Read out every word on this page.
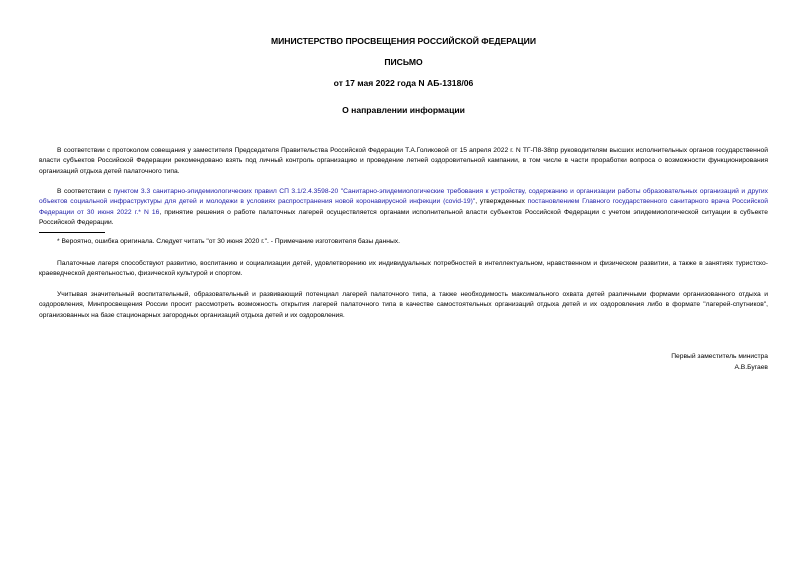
МИНИСТЕРСТВО ПРОСВЕЩЕНИЯ РОССИЙСКОЙ ФЕДЕРАЦИИ
ПИСЬМО
от 17 мая 2022 года N АБ-1318/06
О направлении информации
В соответствии с протоколом совещания у заместителя Председателя Правительства Российской Федерации Т.А.Голиковой от 15 апреля 2022 г. N ТГ-П8-38пр руководителям высших исполнительных органов государственной власти субъектов Российской Федерации рекомендовано взять под личный контроль организацию и проведение летней оздоровительной кампании, в том числе в части проработки вопроса о возможности функционирования организаций отдыха детей палаточного типа.
В соответствии с пунктом 3.3 санитарно-эпидемиологических правил СП 3.1/2.4.3598-20 "Санитарно-эпидемиологические требования к устройству, содержанию и организации работы образовательных организаций и других объектов социальной инфраструктуры для детей и молодежи в условиях распространения новой коронавирусной инфекции (covid-19)", утвержденных постановлением Главного государственного санитарного врача Российской Федерации от 30 июня 2022 г.* N 16, принятие решения о работе палаточных лагерей осуществляется органами исполнительной власти субъектов Российской Федерации с учетом эпидемиологической ситуации в субъекте Российской Федерации.
* Вероятно, ошибка оригинала. Следует читать "от 30 июня 2020 г.". - Примечание изготовителя базы данных.
Палаточные лагеря способствуют развитию, воспитанию и социализации детей, удовлетворению их индивидуальных потребностей в интеллектуальном, нравственном и физическом развитии, а также в занятиях туристско-краеведческой деятельностью, физической культурой и спортом.
Учитывая значительный воспитательный, образовательный и развивающий потенциал лагерей палаточного типа, а также необходимость максимального охвата детей различными формами организованного отдыха и оздоровления, Минпросвещения России просит рассмотреть возможность открытия лагерей палаточного типа в качестве самостоятельных организаций отдыха детей и их оздоровления либо в формате "лагерей-спутников", организованных на базе стационарных загородных организаций отдыха детей и их оздоровления.
Первый заместитель министра
А.В.Бугаев
